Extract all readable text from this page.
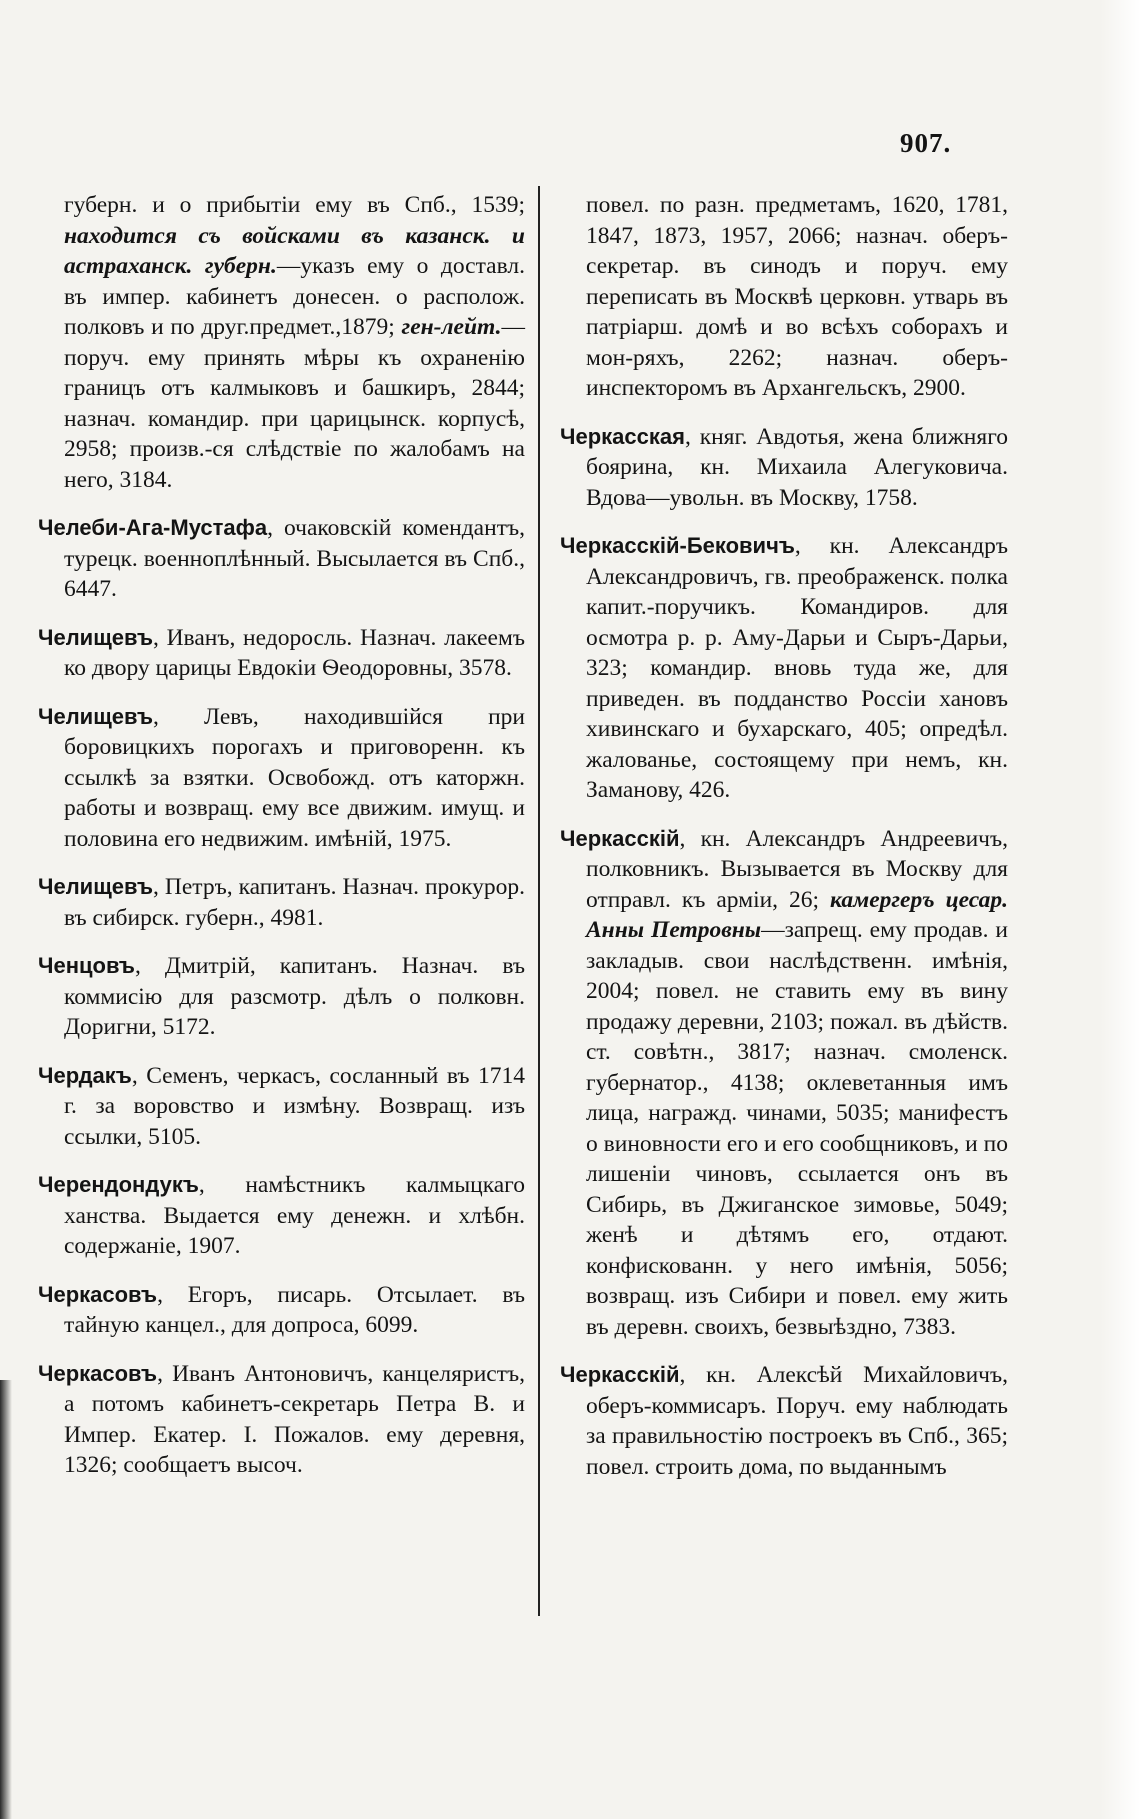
907.

губерн. и о прибытіи ему въ Спб., 1539; находится съ войсками въ казанск. и астраханск. губерн.—указъ ему о доставл. въ импер. кабинетъ донесен. о располож. полковъ и по друг.предмет.,1879; ген-лейт.—поруч. ему принять мѣры къ охраненію границъ отъ калмыковъ и башкиръ, 2844; назнач. командир. при царицынск. корпусѣ, 2958; произв.-ся слѣдствіе по жалобамъ на него, 3184.

Челеби-Ага-Мустафа, очаковскій комендантъ, турецк. военноплѣнный. Высылается въ Спб., 6447.

Челищевъ, Иванъ, недоросль. Назнач. лакеемъ ко двору царицы Евдокіи Ѳеодоровны, 3578.

Челищевъ, Левъ, находившійся при боровицкихъ порогахъ и приговоренн. къ ссылкѣ за взятки. Освобожд. отъ каторжн. работы и возвращ. ему все движим. имущ. и половина его недвижим. имѣній, 1975.

Челищевъ, Петръ, капитанъ. Назнач. прокурор. въ сибирск. губерн., 4981.

Ченцовъ, Дмитрій, капитанъ. Назнач. въ коммисію для разсмотр. дѣлъ о полковн. Доригни, 5172.

Чердакъ, Семенъ, черкасъ, сосланный въ 1714 г. за воровство и измѣну. Возвращ. изъ ссылки, 5105.

Черендондукъ, намѣстникъ калмыцкаго ханства. Выдается ему денежн. и хлѣбн. содержаніе, 1907.

Черкасовъ, Егоръ, писарь. Отсылает. въ тайную канцел., для допроса, 6099.

Черкасовъ, Иванъ Антоновичъ, канцеляристъ, а потомъ кабинетъ-секретарь Петра В. и Импер. Екатер. I. Пожалов. ему деревня, 1326; сообщаетъ высоч.

повел. по разн. предметамъ, 1620, 1781, 1847, 1873, 1957, 2066; назнач. оберъ-секретар. въ синодъ и поруч. ему переписать въ Москвѣ церковн. утварь въ патріарш. домѣ и во всѣхъ соборахъ и мон-ряхъ, 2262; назнач. оберъ-инспекторомъ въ Архангельскъ, 2900.

Черкасская, княг. Авдотья, жена ближняго боярина, кн. Михаила Алегуковича. Вдова—увольн. въ Москву, 1758.

Черкасскій-Бековичъ, кн. Александръ Александровичъ, гв. преображенск. полка капит.-поручикъ. Командиров. для осмотра р. р. Аму-Дарьи и Сыръ-Дарьи, 323; командир. вновь туда же, для приведен. въ подданство Россіи хановъ хивинскаго и бухарскаго, 405; опредѣл. жалованье, состоящему при немъ, кн. Заманову, 426.

Черкасскій, кн. Александръ Андреевичъ, полковникъ. Вызывается въ Москву для отправл. къ арміи, 26; камергеръ цесар. Анны Петровны—запрещ. ему продав. и закладыв. свои наслѣдственн. имѣнія, 2004; повел. не ставить ему въ вину продажу деревни, 2103; пожал. въ дѣйств. ст. совѣтн., 3817; назнач. смоленск. губернатор., 4138; оклеветанныя имъ лица, награжд. чинами, 5035; манифестъ о виновности его и его сообщниковъ, и по лишеніи чиновъ, ссылается онъ въ Сибирь, въ Джиганское зимовье, 5049; женѣ и дѣтямъ его, отдают. конфискованн. у него имѣнія, 5056; возвращ. изъ Сибири и повел. ему жить въ деревн. своихъ, безвыѣздно, 7383.

Черкасскій, кн. Алексѣй Михайловичъ, оберъ-коммисаръ. Поруч. ему наблюдать за правильностію построекъ въ Спб., 365; повел. строить дома, по выданнымъ
